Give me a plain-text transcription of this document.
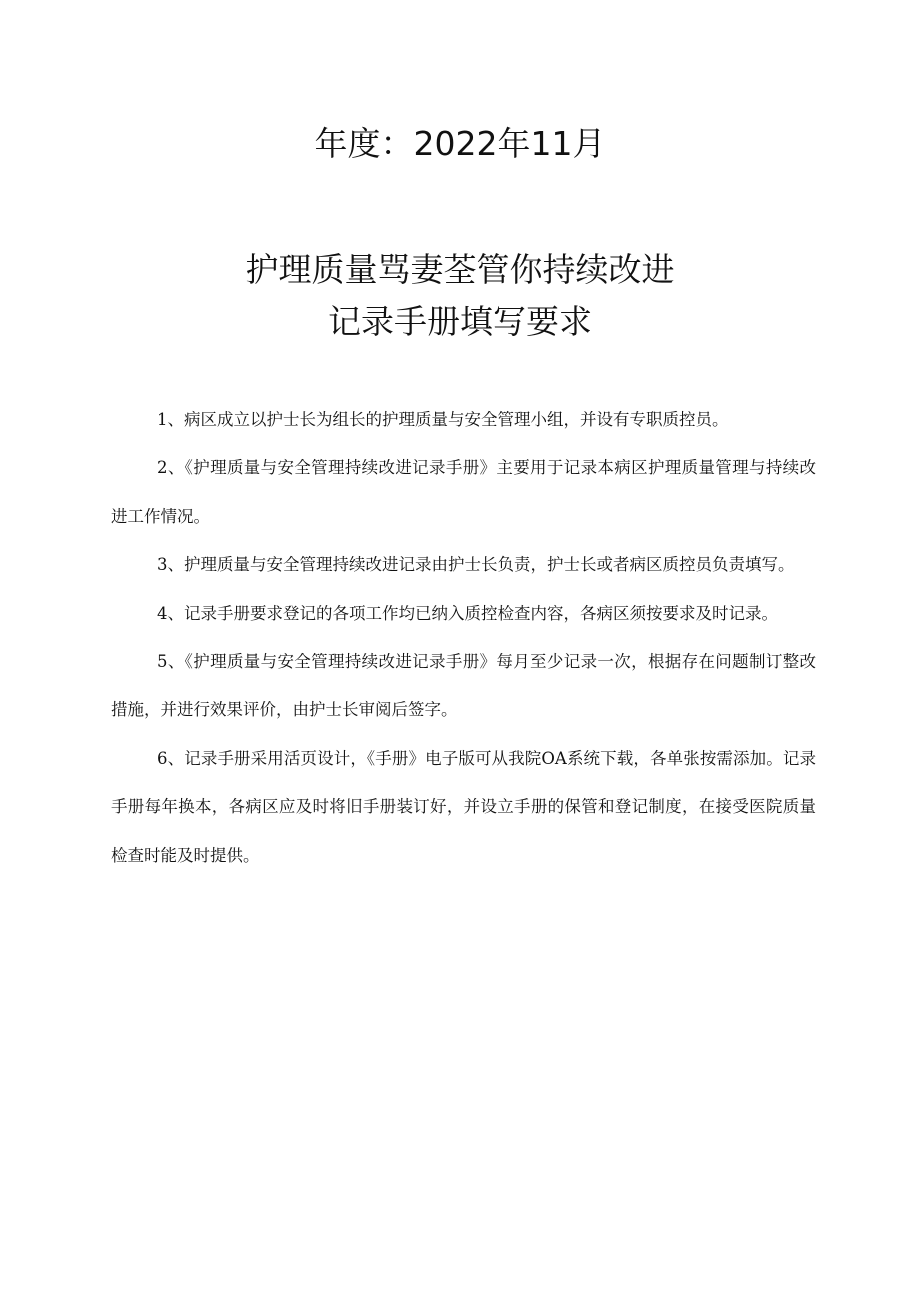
年度：2022年11月
护理质量骂妻荃管你持续改进
记录手册填写要求

1、病区成立以护士长为组长的护理质量与安全管理小组，并设有专职质控员。

2、《护理质量与安全管理持续改进记录手册》主要用于记录本病区护理质量管理与持续改进工作情况。

3、护理质量与安全管理持续改进记录由护士长负责，护士长或者病区质控员负责填写。

4、记录手册要求登记的各项工作均已纳入质控检查内容，各病区须按要求及时记录。

5、《护理质量与安全管理持续改进记录手册》每月至少记录一次，根据存在问题制订整改措施，并进行效果评价，由护士长审阅后签字。

6、记录手册采用活页设计，《手册》电子版可从我院OA系统下载，各单张按需添加。记录手册每年换本，各病区应及时将旧手册装订好，并设立手册的保管和登记制度，在接受医院质量检查时能及时提供。
